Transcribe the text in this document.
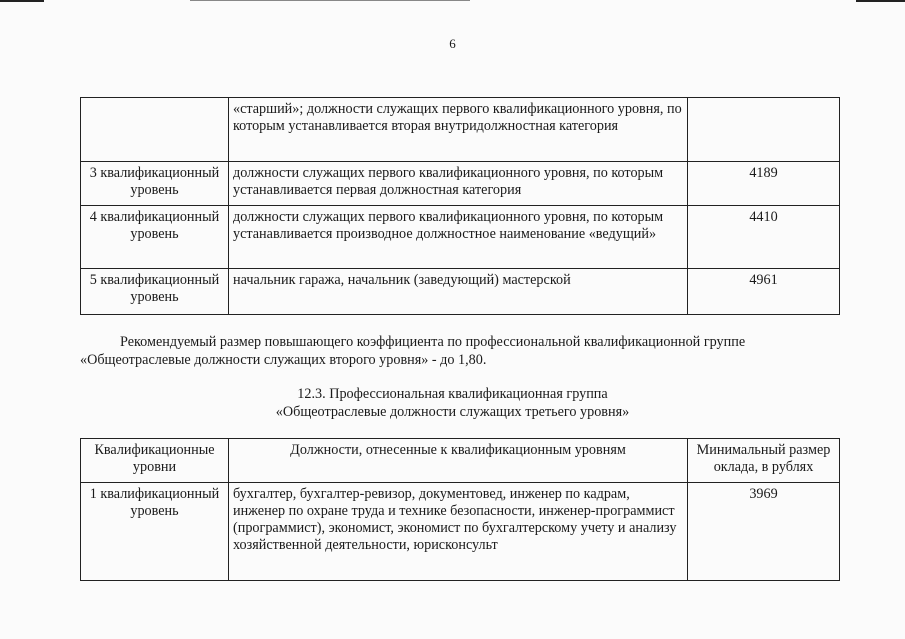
6
	«старший»; должности служащих первого квалификационного уровня, по которым устанавливается вторая внутридолжностная категория	
3 квалификационный уровень	должности служащих первого квалификационного уровня, по которым устанавливается первая должностная категория	4189
4 квалификационный уровень	должности служащих первого квалификационного уровня, по которым устанавливается производное должностное наименование «ведущий»	4410
5 квалификационный уровень	начальник гаража, начальник (заведующий) мастерской	4961
Рекомендуемый размер повышающего коэффициента по профессиональной квалификационной группе
«Общеотраслевые должности служащих второго уровня» - до 1,80.
12.3. Профессиональная квалификационная группа
«Общеотраслевые должности служащих третьего уровня»
Квалификационные уровни	Должности, отнесенные к квалификационным уровням	Минимальный размер оклада, в рублях
1 квалификационный уровень	бухгалтер, бухгалтер-ревизор, документовед, инженер по кадрам, инженер по охране труда и технике безопасности, инженер-программист (программист), экономист, экономист по бухгалтерскому учету и анализу хозяйственной деятельности, юрисконсульт	3969
